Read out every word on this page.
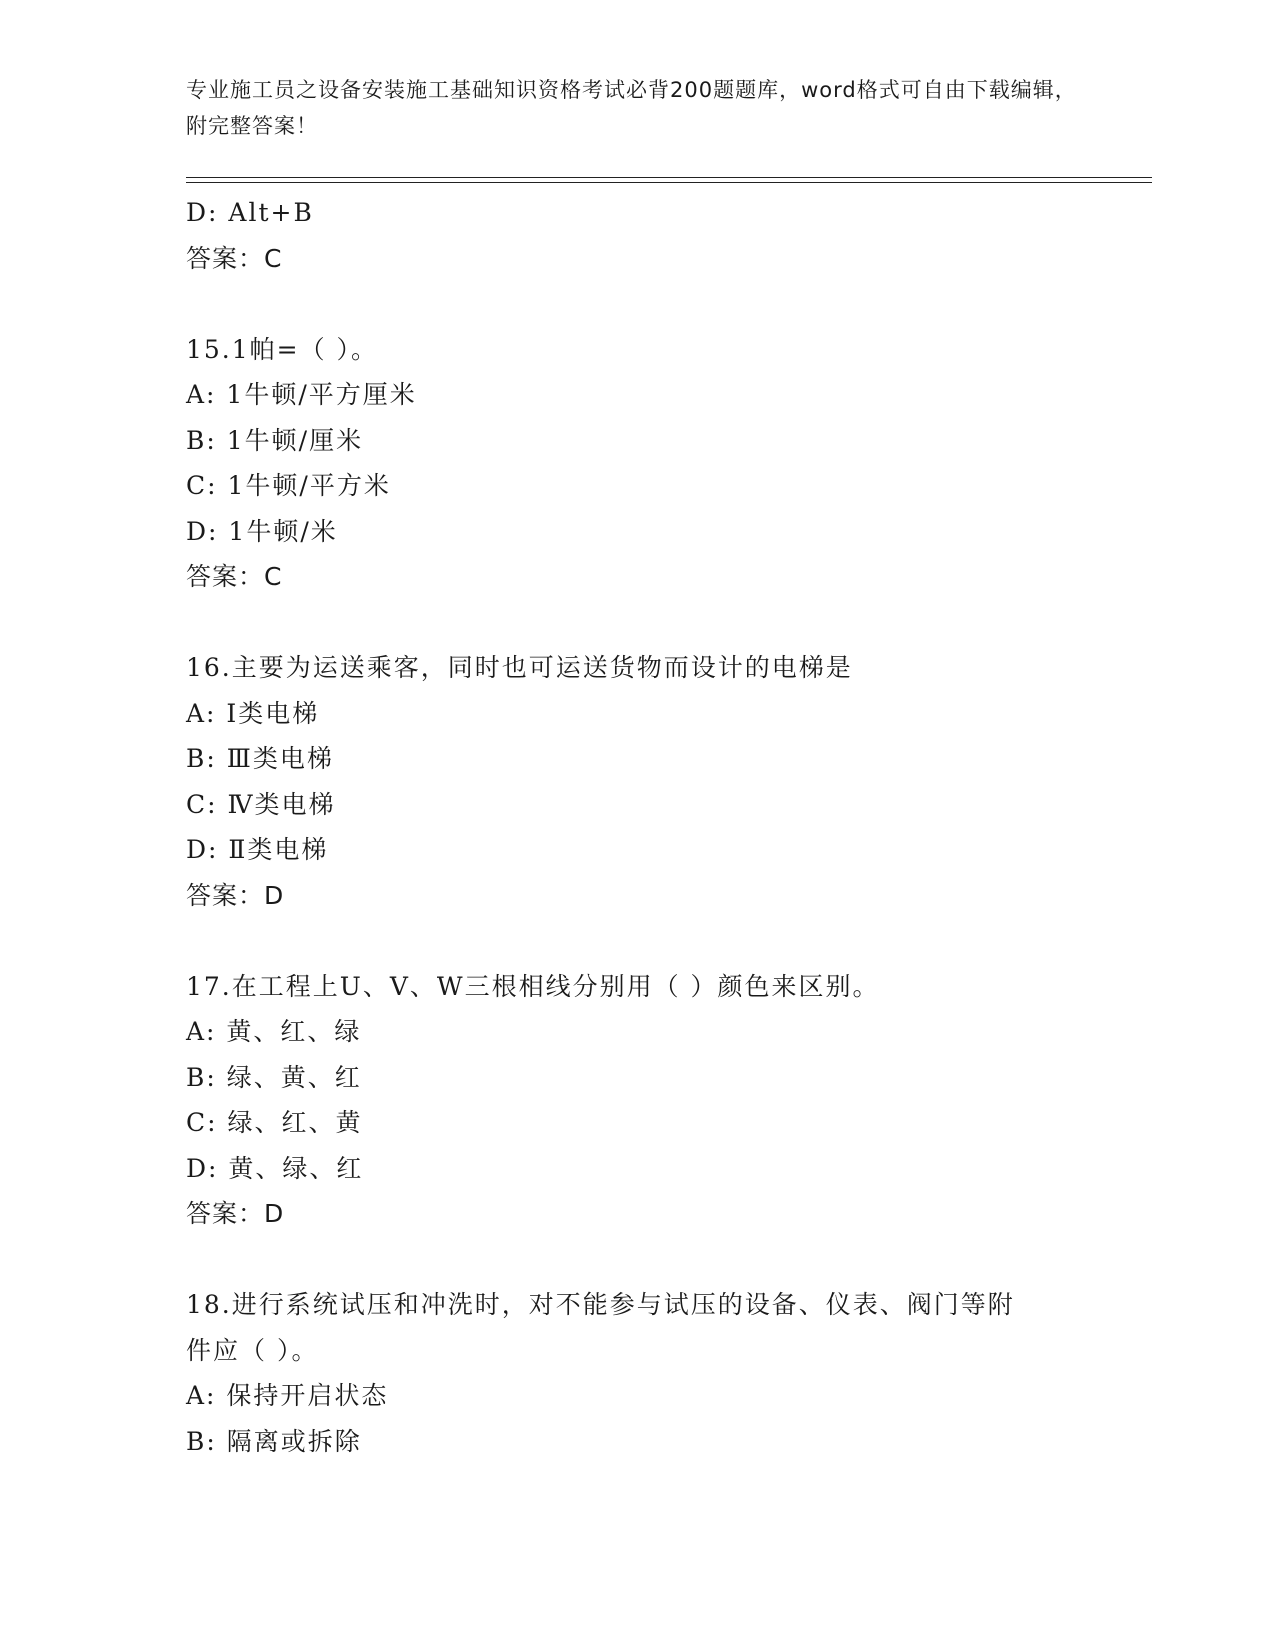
专业施工员之设备安装施工基础知识资格考试必背200题题库，word格式可自由下载编辑，附完整答案！
D: Alt+B
答案：C
15.1帕=（ ）。
A: 1牛顿/平方厘米
B: 1牛顿/厘米
C: 1牛顿/平方米
D: 1牛顿/米
答案：C
16.主要为运送乘客，同时也可运送货物而设计的电梯是
A: Ⅰ类电梯
B: Ⅲ类电梯
C: Ⅳ类电梯
D: Ⅱ类电梯
答案：D
17.在工程上U、V、W三根相线分别用（ ）颜色来区别。
A: 黄、红、绿
B: 绿、黄、红
C: 绿、红、黄
D: 黄、绿、红
答案：D
18.进行系统试压和冲洗时，对不能参与试压的设备、仪表、阀门等附
件应（ ）。
A: 保持开启状态
B: 隔离或拆除
